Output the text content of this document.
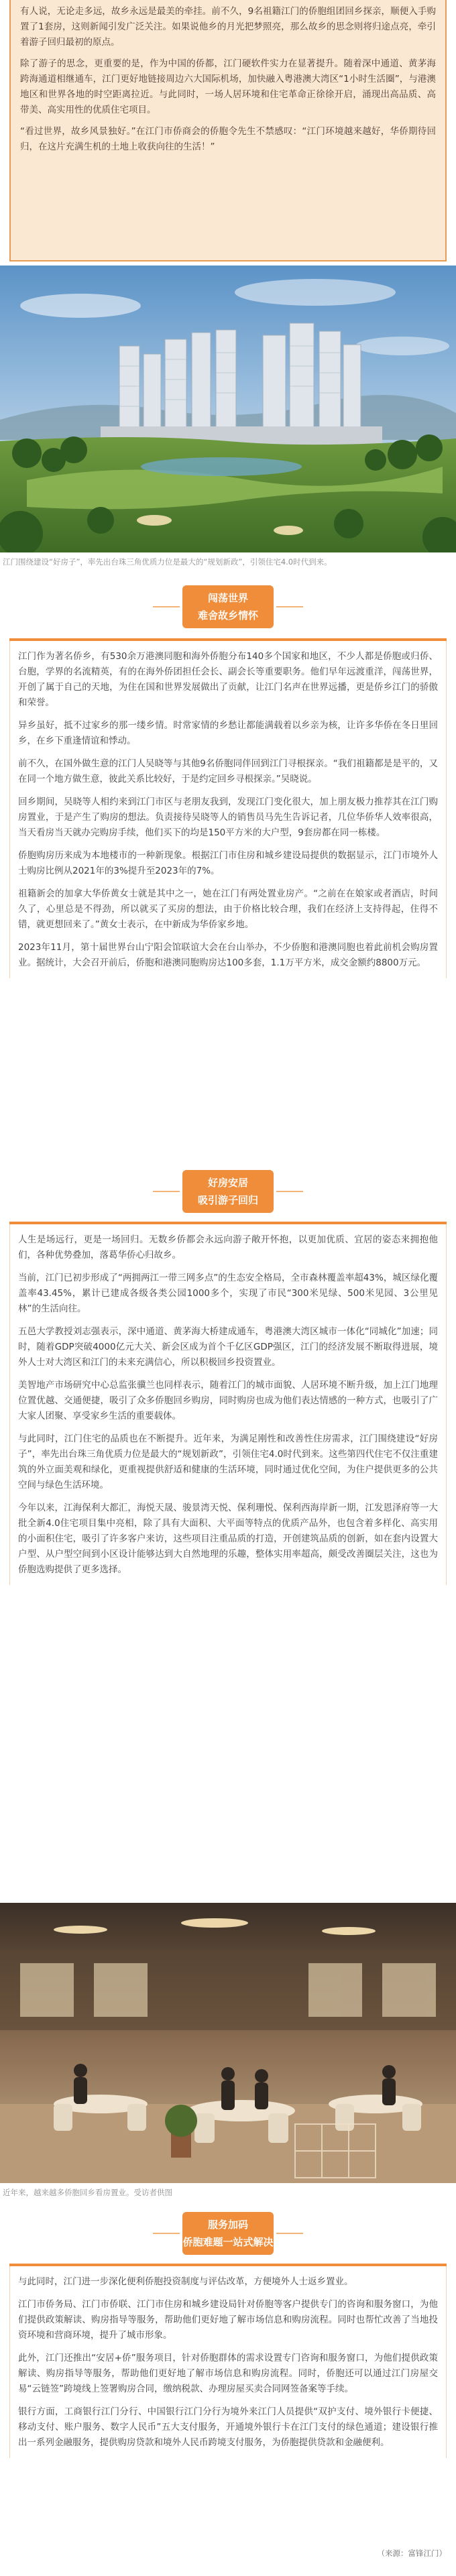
有人说，无论走多远，故乡永远是最美的牵挂。前不久，9名祖籍江门的侨胞组团回乡探亲，顺便入手购置了1套房，这则新闻引发广泛关注。如果说他乡的月光把梦照亮，那么故乡的思念则将归途点亮，牵引着游子回归最初的原点。

除了游子的思念，更重要的是，作为中国的侨都，江门硬软件实力在显著提升。随着深中通道、黄茅海跨海通道相继通车，江门更好地链接周边六大国际机场，加快融入粤港澳大湾区“1小时生活圈”，与港澳地区和世界各地的时空距离拉近。与此同时，一场人居环境和住宅革命正徐徐开启，涌现出高品质、高带美、高实用性的优质住宅项目。

“看过世界，故乡风景独好。”在江门市侨商会的侨胞令先生不禁感叹：“江门环境越来越好，华侨期待回归，在这片充满生机的土地上收获向往的生活！”

江门围绕建设“好房子”，率先出台珠三角优质力位是最大的“规划新政”，引领住宅4.0时代到来。
闯荡世界
难舍故乡情怀

江门作为著名侨乡，有530余万港澳同胞和海外侨胞分布140多个国家和地区，不少人都是侨胞或归侨、台胞，学界的名流精英，有的在海外侨团担任会长、副会长等重要职务。他们早年远渡重洋，闯荡世界，开创了属于自己的天地，为住在国和世界发展做出了贡献，让江门名声在世界远播，更是侨乡江门的骄傲和荣誉。

异乡虽好，抵不过家乡的那一缕乡情。时常家情的乡愁让都能满载着以乡亲为核，让许多华侨在冬日里回乡，在乡下重逢情谊和悸动。

前不久，在国外做生意的江门人吴晓等与其他9名侨胞同伴回到江门寻根探亲。“我们祖籍都是是平的，又在同一个地方做生意，彼此关系比较好，于是约定回乡寻根探亲。”吴晓说。

回乡期间，吴晓等人相约来到江门市区与老朋友我到，发现江门变化很大，加上朋友极力推荐其在江门购房置业，于是产生了购房的想法。负责接待吴晓等人的销售员马先生告诉记者，几位华侨华人效率很高，当天看房当天就办完购房手续，他们买下的均是150平方米的大户型，9套房都在同一栋楼。

侨胞购房历来成为本地楼市的一种新现象。根据江门市住房和城乡建设局提供的数据显示，江门市境外人士购房比例从2021年的3%提升至2023年的7%。

祖籍新会的加拿大华侨黄女士就是其中之一，她在江门有两处置业房产。“之前在在娘家或者酒店，时间久了，心里总是不得劲，所以就买了买房的想法，由于价格比较合理，我们在经济上支持得起，住得不错，就更想回来了。”黄女士表示，在中新成为华侨家乡地。

2023年11月，第十届世界台山宁阳会馆联谊大会在台山举办，不少侨胞和港澳同胞也着此前机会购房置业。据统计，大会召开前后，侨胞和港澳同胞购房达100多套，1.1万平方米，成交金额约8800万元。

好房安居
吸引游子回归

人生是场远行，更是一场回归。无数乡侨都会永远向游子敞开怀抱，以更加优质、宜居的姿态来拥抱他们，各种优势叠加，落葛华侨心归故乡。

当前，江门已初步形成了“两拥两江一带三网多点”的生态安全格局，全市森林覆盖率超43%，城区绿化覆盖率43.45%，累计已建成各级各类公园1000多个，实现了市民“300米见绿、500米见园、3公里见林”的生活向往。

五邑大学教授刘志强表示，深中通道、黄茅海大桥建成通车，粤港澳大湾区城市一体化“同城化”加速；同时，随着GDP突破4000亿元大关、新会区成为首个千亿区GDP强区，江门的经济发展不断取得进展，境外人士对大湾区和江门的未来充满信心，所以积极回乡投资置业。

美智地产市场研究中心总监张骥兰也同样表示，随着江门的城市面貌、人居环境不断升级，加上江门地理位置优越、交通便捷，吸引了众多侨胞回乡购房，同时购房也成为他们表达情感的一种方式，也吸引了广大家人团聚、享受家乡生活的重要载体。

与此同时，江门住宅的品质也在不断提升。近年来，为满足刚性和改善性住房需求，江门围绕建设“好房子”，率先出台珠三角优质力位是最大的“规划新政”，引领住宅4.0时代到来。这些第四代住宅不仅注重建筑的外立面美观和绿化，更重视提供舒适和健康的生活环境，同时通过优化空间，为住户提供更多的公共空间与绿色生活环境。

今年以来，江海保利大都汇，海悦天晟、骏景湾天悦、保利珊悦、保利西海岸新一期，江发恩泽府等一大批全新4.0住宅项目集中亮相，除了具有大面积、大平面等特点的优质产品外，也包含着多样化、高实用的小面积住宅，吸引了许多客户来访，这些项目注重品质的打造，开创建筑品质的创新，如在套内设置大户型、从户型空间到小区设计能够达到大自然地理的乐趣，整体实用率超高，颇受改善圈层关注，这也为侨胞选购提供了更多选择。

近年来，越来越多侨胞回乡看房置业。受访者供图
服务加码
侨胞难题一站式解决

与此同时，江门进一步深化便利侨胞投资制度与评估改革，方便境外人士返乡置业。

江门市侨务局、江门市侨联、江门市住房和城乡建设局针对侨胞等客户提供专门的咨询和服务窗口，为他们提供政策解读、购房指导等服务，帮助他们更好地了解市场信息和购房流程。同时也帮忙改善了当地投资环境和营商环境，提升了城市形象。

此外，江门还推出“安居+侨”服务项目，针对侨胞群体的需求设置专门咨询和服务窗口，为他们提供政策解读、购房指导等服务，帮助他们更好地了解市场信息和购房流程。同时，侨胞还可以通过江门房屋交易“云链签”跨境线上签署购房合同，缴纳税款、办理房屋买卖合同网签备案等手续。

银行方面，工商银行江门分行、中国银行江门分行为境外来江门人员提供“双护支付、境外银行卡便捷、移动支付、账户服务、数字人民币”五大支付服务，开通境外银行卡在江门支付的绿色通道；建设银行推出一系列金融服务，提供购房贷款和境外人民币跨境支付服务，为侨胞提供贷款和金融便利。

（来源：富锋江门）
